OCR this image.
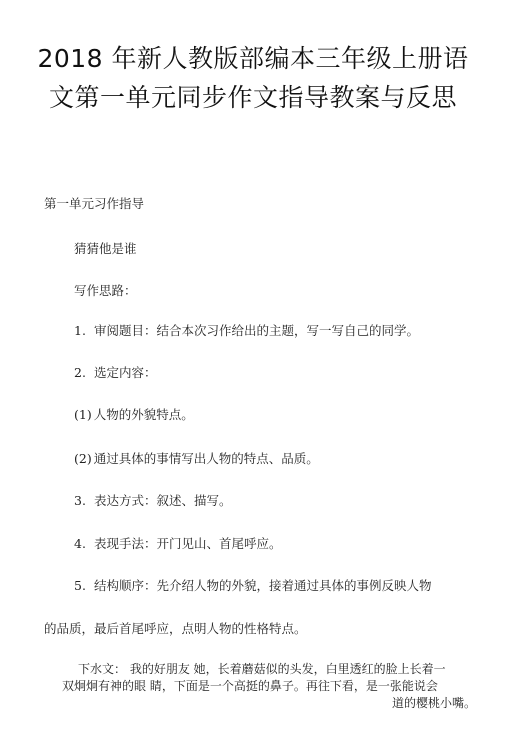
2018 年新人教版部编本三年级上册语
文第一单元同步作文指导教案与反思
第一单元习作指导
猜猜他是谁
写作思路：
1. 审阅题目：结合本次习作给出的主题，写一写自己的同学。
2. 选定内容：
(1) 人物的外貌特点。
(2) 通过具体的事情写出人物的特点、品质。
3. 表达方式：叙述、描写。
4. 表现手法：开门见山、首尾呼应。
5. 结构顺序：先介绍人物的外貌，接着通过具体的事例反映人物
的品质，最后首尾呼应，点明人物的性格特点。
下水文： 我的好朋友 她，长着蘑菇似的头发，白里透红的脸上长着一
双炯炯有神的眼 睛，下面是一个高挺的鼻子。再往下看，是一张能说会
道的樱桃小嘴。
